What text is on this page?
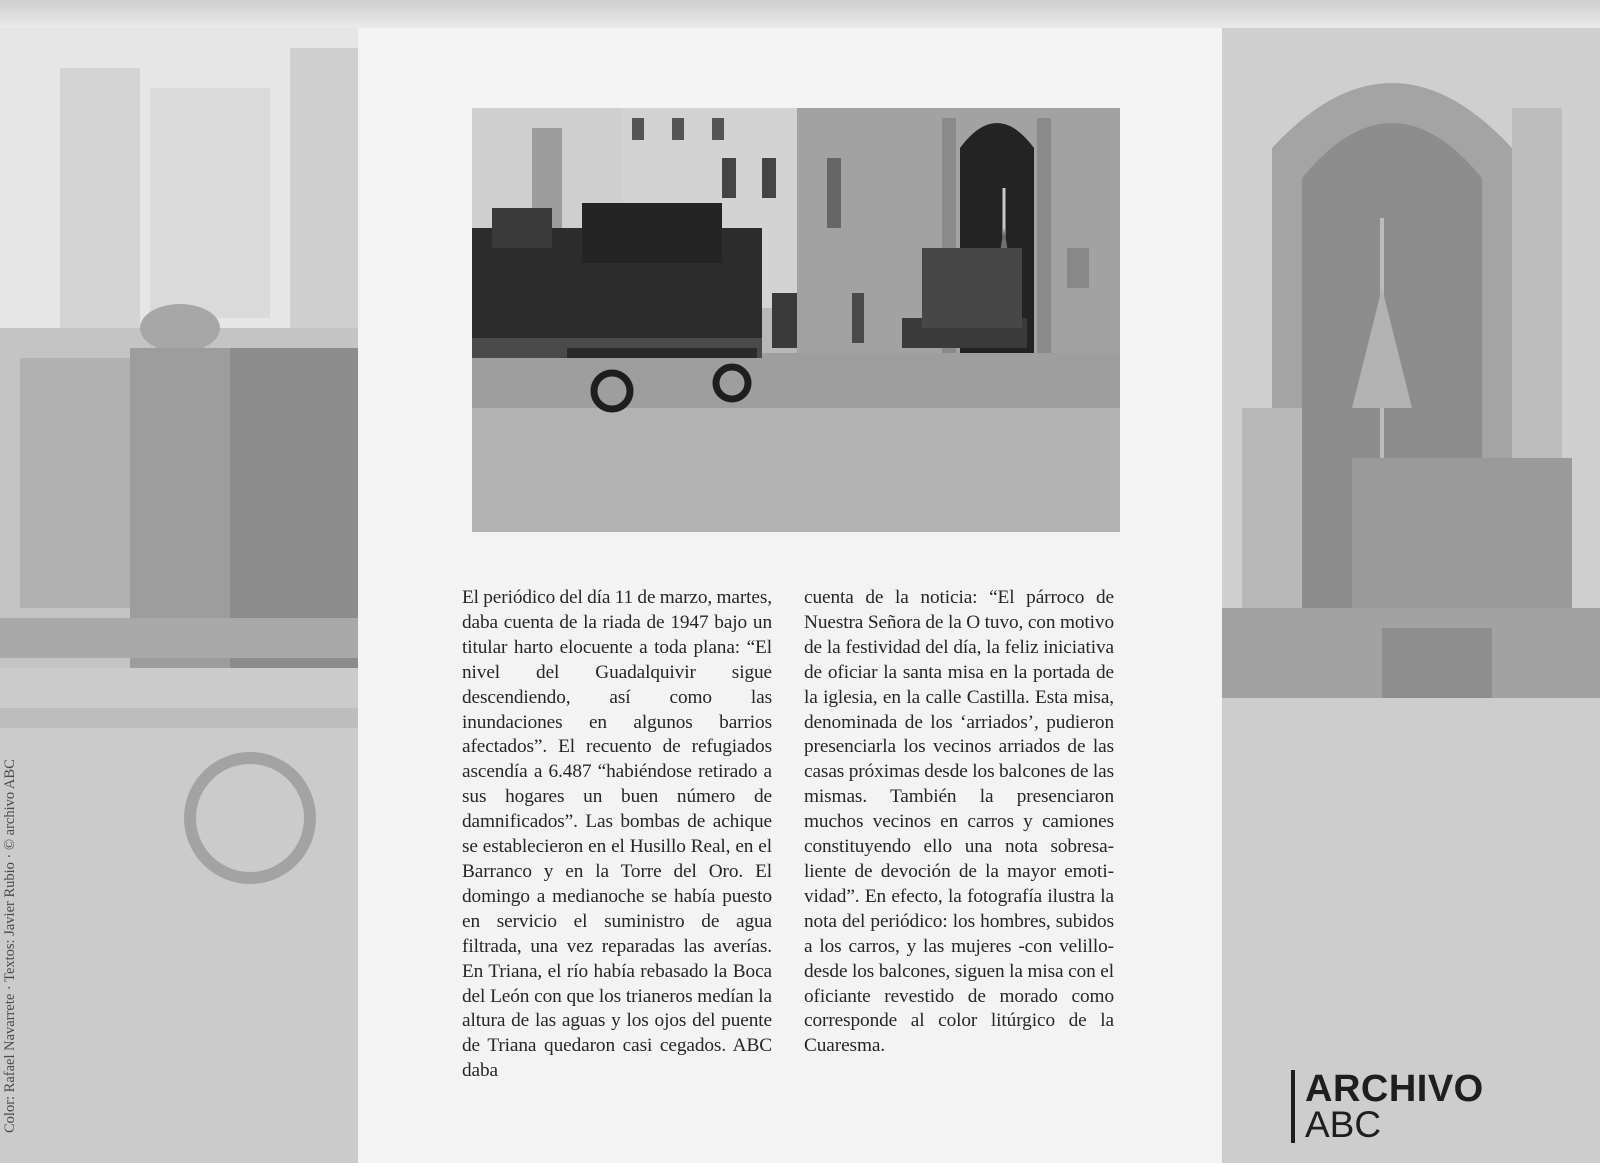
El periódico del día 11 de marzo, martes, daba cuenta de la riada de 1947 bajo un titular harto elocuente a toda plana: “El nivel del Guadalquivir sigue descendiendo, así como las inundaciones en algunos barrios afectados”. El recuento de refugiados ascendía a 6.487 “habiéndose retirado a sus hogares un buen número de damnificados”. Las bombas de achique se establecieron en el Husillo Real, en el Barranco y en la Torre del Oro. El domingo a medianoche se había puesto en servicio el suministro de agua filtrada, una vez reparadas las averías. En Triana, el río había rebasado la Boca del León con que los trianeros medían la altura de las aguas y los ojos del puente de Triana quedaron casi cegados. ABC daba

cuenta de la noticia: “El párroco de Nuestra Señora de la O tuvo, con motivo de la festividad del día, la feliz iniciativa de oficiar la santa misa en la portada de la iglesia, en la calle Castilla. Esta misa, denominada de los ‘arriados’, pudieron presenciarla los vecinos arriados de las casas próximas desde los balcones de las mismas. También la presenciaron muchos vecinos en carros y camiones constituyendo ello una nota sobresaliente de devoción de la mayor emotividad”. En efecto, la fotografía ilustra la nota del periódico: los hombres, subidos a los carros, y las mujeres -con velillo- desde los balcones, siguen la misa con el oficiante revestido de morado como corresponde al color litúrgico de la Cuaresma.

ARCHIVO
ABC
Color: Rafael Navarrete · Textos: Javier Rubio · © archivo ABC
